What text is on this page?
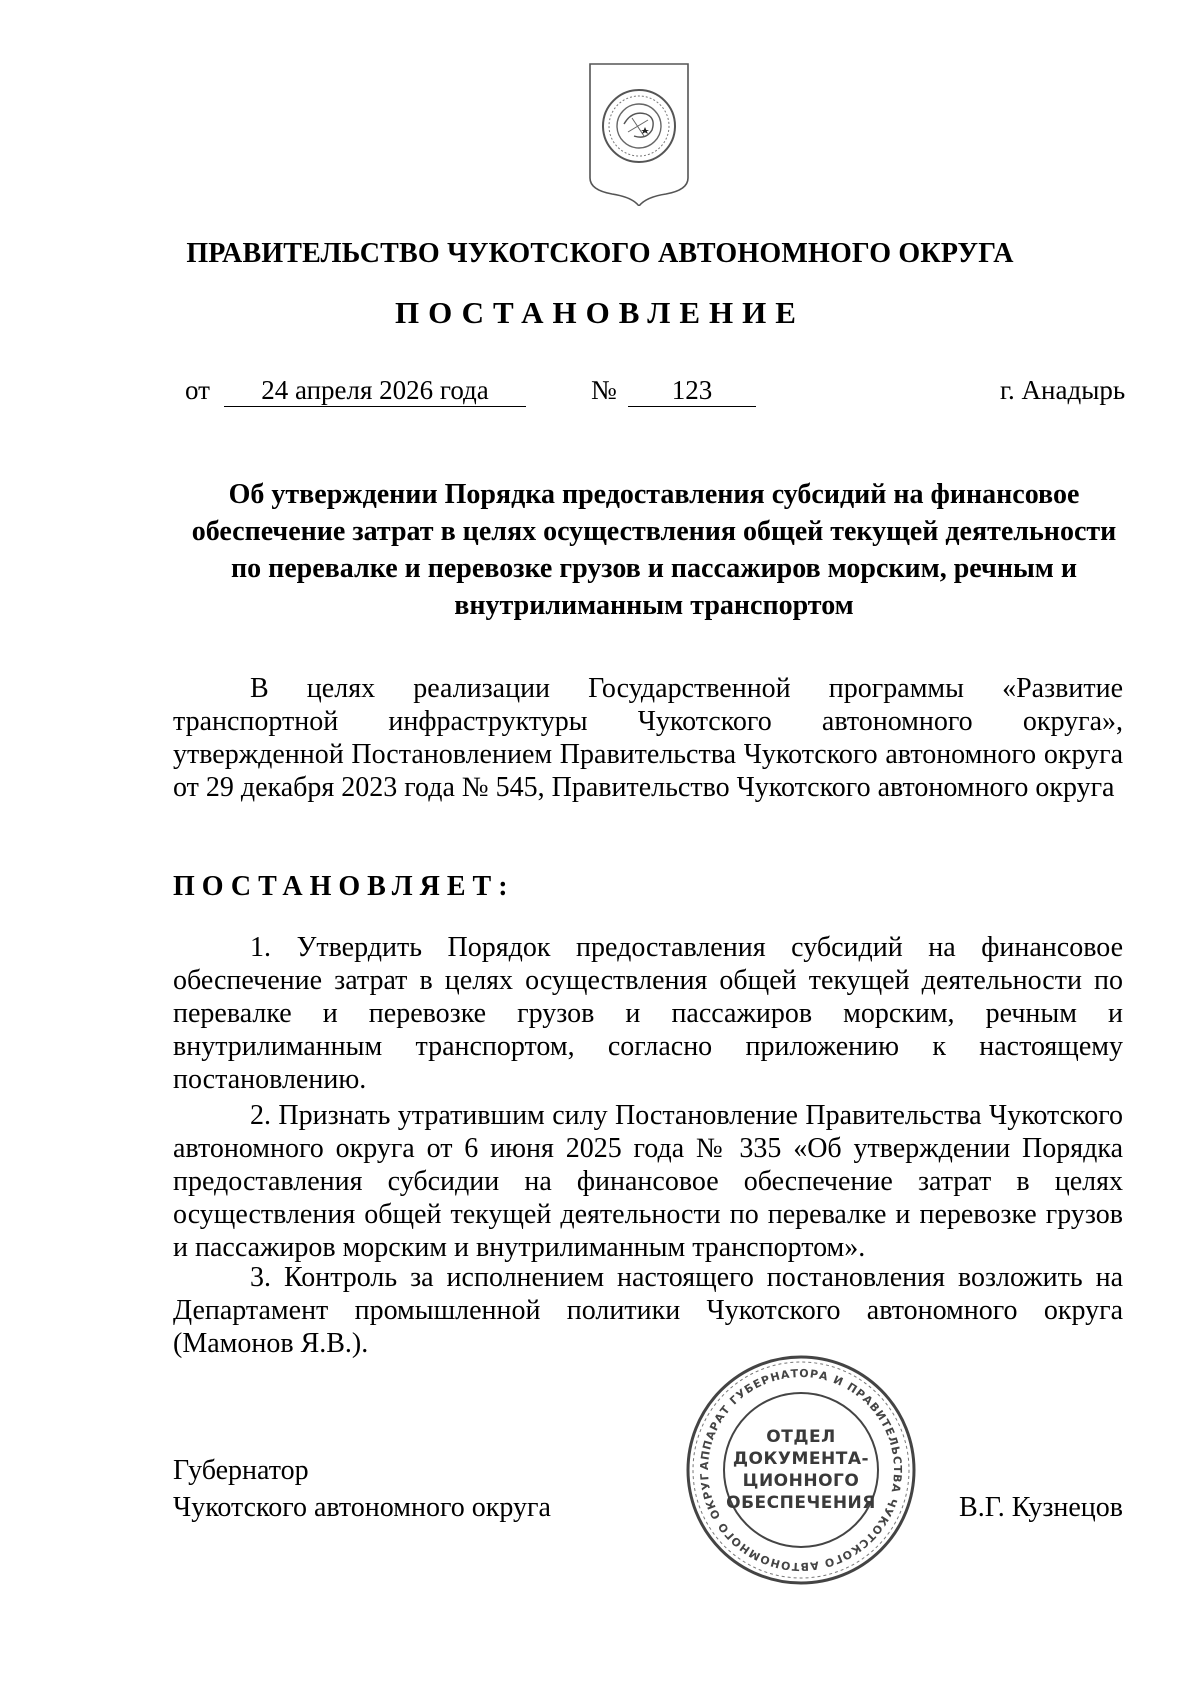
ПРАВИТЕЛЬСТВО ЧУКОТСКОГО АВТОНОМНОГО ОКРУГА
ПОСТАНОВЛЕНИЕ
от	24 апреля 2026 года	№	123	г. Анадырь
Об утверждении Порядка предоставления субсидий на финансовое
обеспечение затрат в целях осуществления общей текущей деятельности
по перевалке и перевозке грузов и пассажиров морским, речным и
внутрилиманным транспортом
В целях реализации Государственной программы «Развитие транспортной инфраструктуры Чукотского автономного округа», утвержденной Постановлением Правительства Чукотского автономного округа от 29 декабря 2023 года № 545, Правительство Чукотского автономного округа
ПОСТАНОВЛЯЕТ:
1. Утвердить Порядок предоставления субсидий на финансовое обеспечение затрат в целях осуществления общей текущей деятельности по перевалке и перевозке грузов и пассажиров морским, речным и внутрилиманным транспортом, согласно приложению к настоящему постановлению.
2. Признать утратившим силу Постановление Правительства Чукотского автономного округа от 6 июня 2025 года № 335 «Об утверждении Порядка предоставления субсидии на финансовое обеспечение затрат в целях осуществления общей текущей деятельности по перевалке и перевозке грузов и пассажиров морским и внутрилиманным транспортом».
3. Контроль за исполнением настоящего постановления возложить на Департамент промышленной политики Чукотского автономного округа (Мамонов Я.В.).
Губернатор
Чукотского автономного округа
АППАРАТ ГУБЕРНАТОРА И ПРАВИТЕЛЬСТВА ЧУКОТСКОГО АВТОНОМНОГО ОКРУГ
ОТДЕЛ
ДОКУМЕНТА-
ЦИОННОГО
ОБЕСПЕЧЕНИЯ	В.Г. Кузнецов
